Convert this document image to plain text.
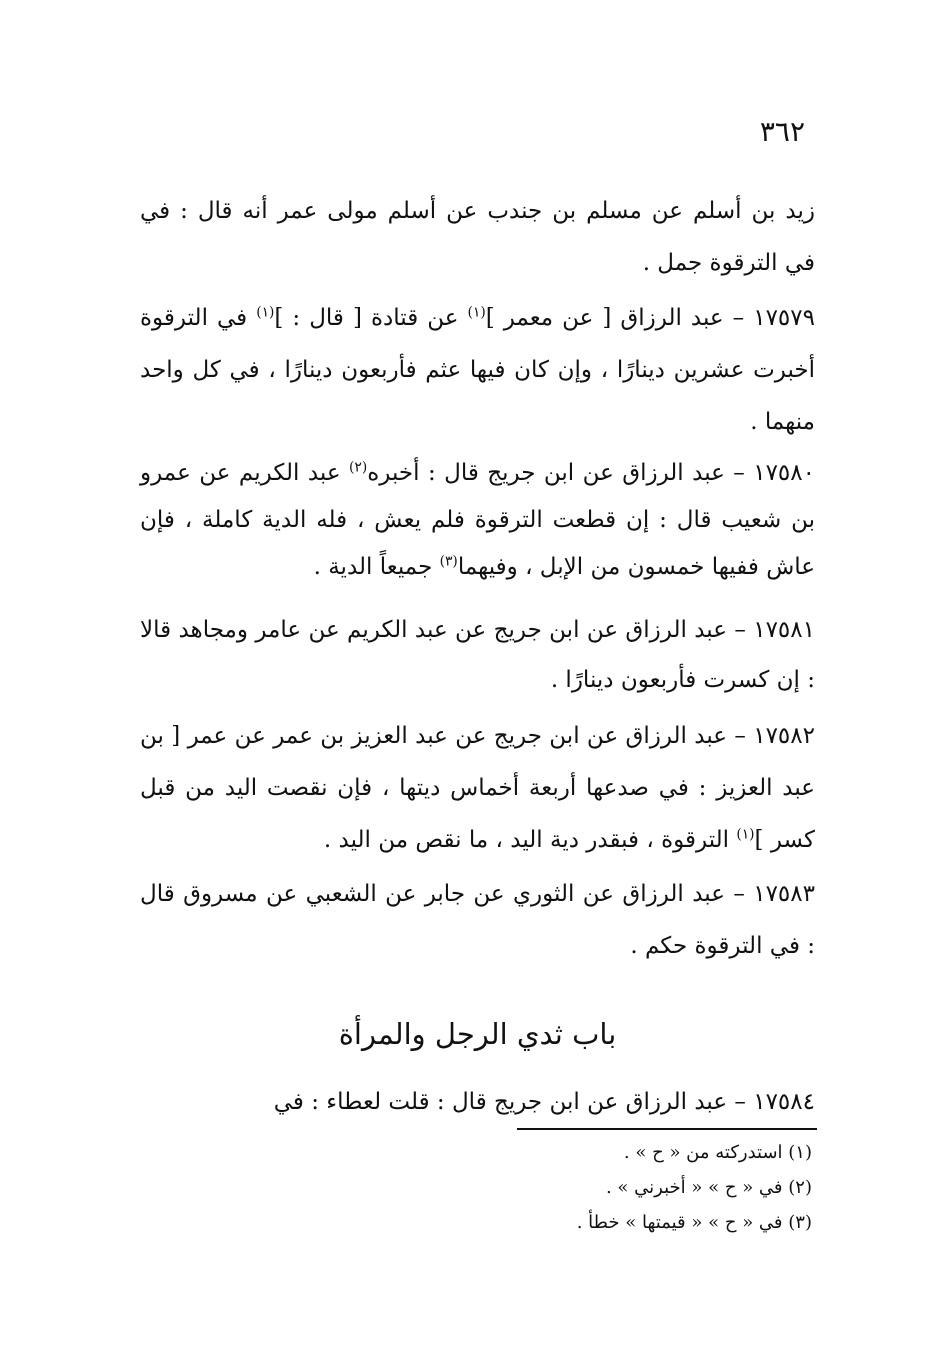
٣٦٢

زيد بن أسلم عن مسلم بن جندب عن أسلم مولى عمر أنه قال : في في الترقوة جمل .

١٧٥٧٩ – عبد الرزاق [ عن معمر ]$^{(١)}$ عن قتادة [ قال : ]$^{(١)}$ في الترقوة أخبرت عشرين دينارًا ، وإن كان فيها عثم فأربعون دينارًا ، في كل واحد منهما .

١٧٥٨٠ – عبد الرزاق عن ابن جريج قال : أخبره$^{(٢)}$ عبد الكريم عن عمرو بن شعيب قال : إن قطعت الترقوة فلم يعش ، فله الدية كاملة ، فإن عاش ففيها خمسون من الإبل ، وفيهما$^{(٣)}$ جميعاً الدية .

١٧٥٨١ – عبد الرزاق عن ابن جريج عن عبد الكريم عن عامر ومجاهد قالا : إن كسرت فأربعون دينارًا .

١٧٥٨٢ – عبد الرزاق عن ابن جريج عن عبد العزيز بن عمر عن عمر [ بن عبد العزيز : في صدعها أربعة أخماس ديتها ، فإن نقصت اليد من قبل كسر ]$^{(١)}$ الترقوة ، فبقدر دية اليد ، ما نقص من اليد .

١٧٥٨٣ – عبد الرزاق عن الثوري عن جابر عن الشعبي عن مسروق قال : في الترقوة حكم .

باب ثدي الرجل والمرأة

١٧٥٨٤ – عبد الرزاق عن ابن جريج قال : قلت لعطاء : في

(١) استدركته من « ح » .
(٢) في « ح » « أخبرني » .
(٣) في « ح » « قيمتها » خطأ .
